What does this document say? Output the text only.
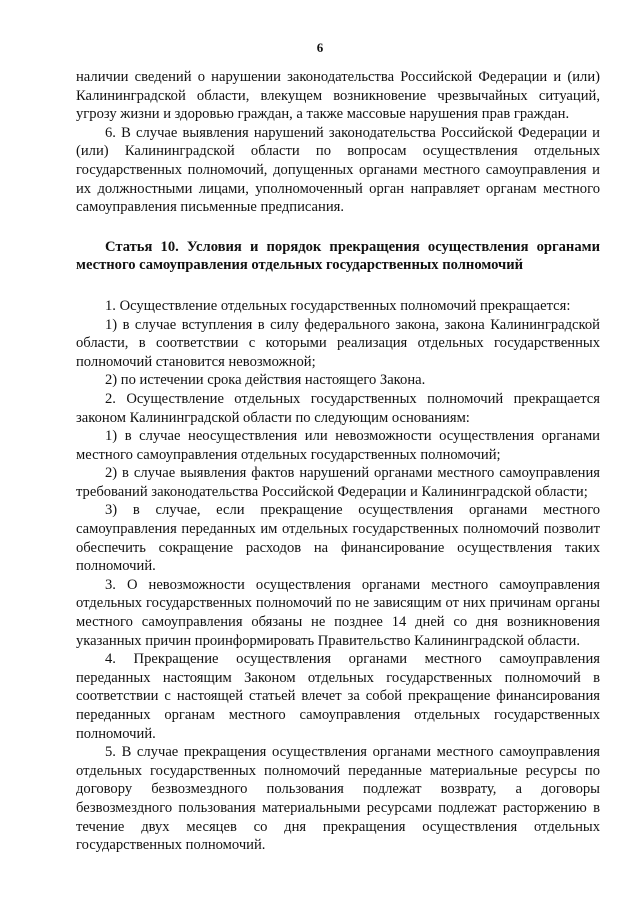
6

наличии сведений о нарушении законодательства Российской Федерации и (или) Калининградской области, влекущем возникновение чрезвычайных ситуаций, угрозу жизни и здоровью граждан, а также массовые нарушения прав граждан.

6. В случае выявления нарушений законодательства Российской Федерации и (или) Калининградской области по вопросам осуществления отдельных государственных полномочий, допущенных органами местного самоуправления и их должностными лицами, уполномоченный орган направляет органам местного самоуправления письменные предписания.

Статья 10. Условия и порядок прекращения осуществления органами местного самоуправления отдельных государственных полномочий

1. Осуществление отдельных государственных полномочий прекращается:

1) в случае вступления в силу федерального закона, закона Калининградской области, в соответствии с которыми реализация отдельных государственных полномочий становится невозможной;

2) по истечении срока действия настоящего Закона.

2. Осуществление отдельных государственных полномочий прекращается законом Калининградской области по следующим основаниям:

1) в случае неосуществления или невозможности осуществления органами местного самоуправления отдельных государственных полномочий;

2) в случае выявления фактов нарушений органами местного самоуправления требований законодательства Российской Федерации и Калининградской области;

3) в случае, если прекращение осуществления органами местного самоуправления переданных им отдельных государственных полномочий позволит обеспечить сокращение расходов на финансирование осуществления таких полномочий.

3. О невозможности осуществления органами местного самоуправления отдельных государственных полномочий по не зависящим от них причинам органы местного самоуправления обязаны не позднее 14 дней со дня возникновения указанных причин проинформировать Правительство Калининградской области.

4. Прекращение осуществления органами местного самоуправления переданных настоящим Законом отдельных государственных полномочий в соответствии с настоящей статьей влечет за собой прекращение финансирования переданных органам местного самоуправления отдельных государственных полномочий.

5. В случае прекращения осуществления органами местного самоуправления отдельных государственных полномочий переданные материальные ресурсы по договору безвозмездного пользования подлежат возврату, а договоры безвозмездного пользования материальными ресурсами подлежат расторжению в течение двух месяцев со дня прекращения осуществления отдельных государственных полномочий.
